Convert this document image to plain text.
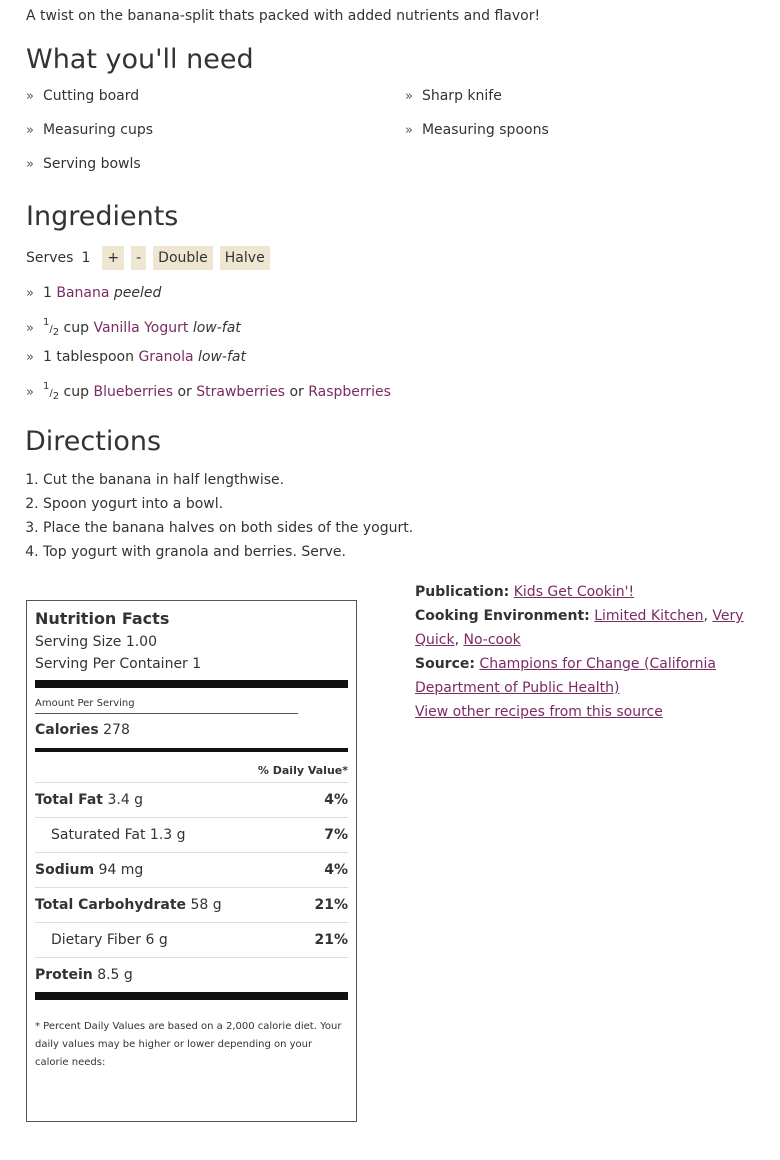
A twist on the banana-split thats packed with added nutrients and flavor!
What you'll need
» Cutting board	» Sharp knife
» Measuring cups	» Measuring spoons
» Serving bowls
Ingredients
Serves 1	+	-	Double	Halve
» 1 Banana peeled
» $^1/_2$ cup Vanilla Yogurt low-fat
» 1 tablespoon Granola low-fat
» $^1/_2$ cup Blueberries or Strawberries or Raspberries
Directions
1. Cut the banana in half lengthwise.
2. Spoon yogurt into a bowl.
3. Place the banana halves on both sides of the yogurt.
4. Top yogurt with granola and berries. Serve.
Nutrition Facts
Serving Size 1.00
Serving Per Container 1
Amount Per Serving
Calories 278
% Daily Value*
Total Fat 3.4 g	4%
Saturated Fat 1.3 g	7%
Sodium 94 mg	4%
Total Carbohydrate 58 g	21%
Dietary Fiber 6 g	21%
Protein 8.5 g
* Percent Daily Values are based on a 2,000 calorie diet. Your daily values may be higher or lower depending on your calorie needs:
Publication: Kids Get Cookin'!
Cooking Environment: Limited Kitchen, Very Quick, No-cook
Source: Champions for Change (California Department of Public Health)
View other recipes from this source
